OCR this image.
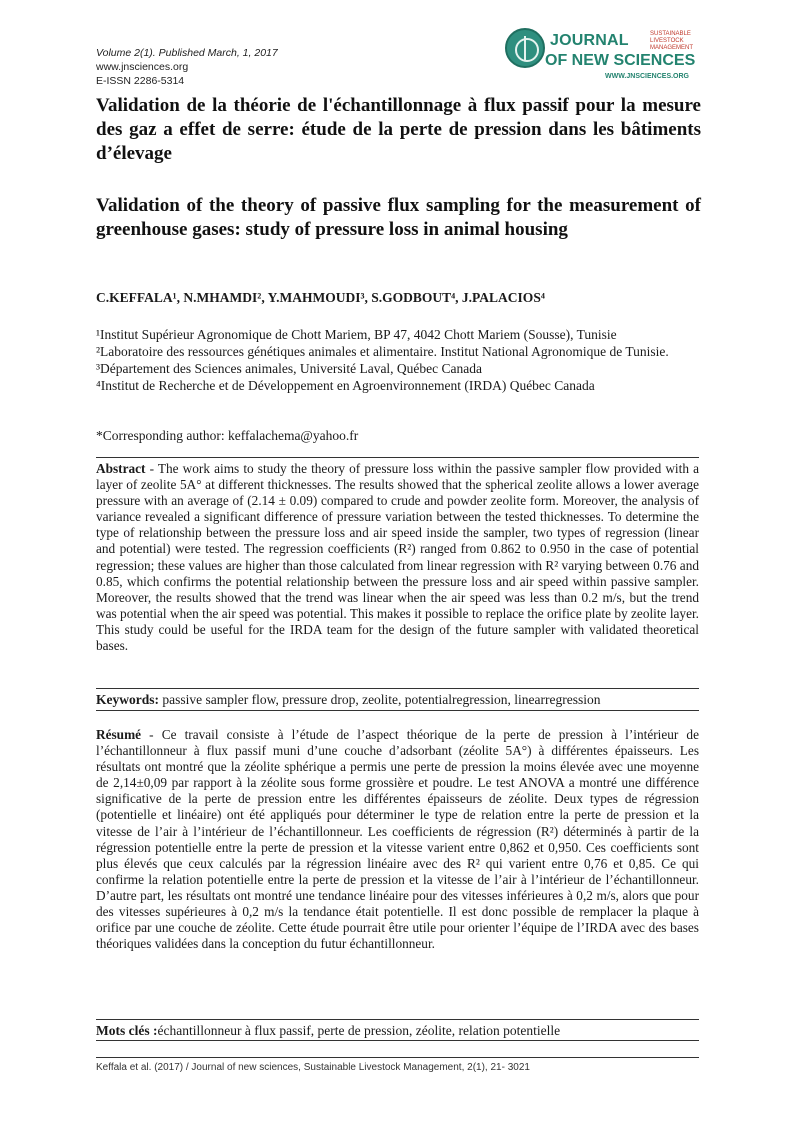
Volume 2(1). Published March, 1, 2017
www.jnsciences.org
E-ISSN 2286-5314
JOURNAL	SUSTAINABLE LIVESTOCK MANAGEMENT
OF NEW SCIENCES
WWW.JNSCIENCES.ORG
Validation de la théorie de l'échantillonnage à flux passif pour la mesure des gaz a effet de serre: étude de la perte de pression dans les bâtiments d’élevage
Validation of the theory of passive flux sampling for the measurement of greenhouse gases: study of pressure loss in animal housing
C.KEFFALA¹, N.MHAMDI², Y.MAHMOUDI³, S.GODBOUT⁴, J.PALACIOS⁴
¹Institut Supérieur Agronomique de Chott Mariem, BP 47, 4042 Chott Mariem (Sousse), Tunisie
²Laboratoire des ressources génétiques animales et alimentaire. Institut National Agronomique de Tunisie.
³Département des Sciences animales, Université Laval, Québec Canada
⁴Institut de Recherche et de Développement en Agroenvironnement (IRDA) Québec Canada
*Corresponding author: keffalachema@yahoo.fr
Abstract - The work aims to study the theory of pressure loss within the passive sampler flow provided with a layer of zeolite 5A° at different thicknesses. The results showed that the spherical zeolite allows a lower average pressure with an average of (2.14 ± 0.09) compared to crude and powder zeolite form. Moreover, the analysis of variance revealed a significant difference of pressure variation between the tested thicknesses. To determine the type of relationship between the pressure loss and air speed inside the sampler, two types of regression (linear and potential) were tested. The regression coefficients (R²) ranged from 0.862 to 0.950 in the case of potential regression; these values are higher than those calculated from linear regression with R² varying between 0.76 and 0.85, which confirms the potential relationship between the pressure loss and air speed within passive sampler. Moreover, the results showed that the trend was linear when the air speed was less than 0.2 m/s, but the trend was potential when the air speed was potential. This makes it possible to replace the orifice plate by zeolite layer. This study could be useful for the IRDA team for the design of the future sampler with validated theoretical bases.
Keywords: passive sampler flow, pressure drop, zeolite, potentialregression, linearregression
Résumé - Ce travail consiste à l’étude de l’aspect théorique de la perte de pression à l’intérieur de l’échantillonneur à flux passif muni d’une couche d’adsorbant (zéolite 5A°) à différentes épaisseurs. Les résultats ont montré que la zéolite sphérique a permis une perte de pression la moins élevée avec une moyenne de 2,14±0,09 par rapport à la zéolite sous forme grossière et poudre. Le test ANOVA a montré une différence significative de la perte de pression entre les différentes épaisseurs de zéolite. Deux types de régression (potentielle et linéaire) ont été appliqués pour déterminer le type de relation entre la perte de pression et la vitesse de l’air à l’intérieur de l’échantillonneur. Les coefficients de régression (R²) déterminés à partir de la régression potentielle entre la perte de pression et la vitesse varient entre 0,862 et 0,950. Ces coefficients sont plus élevés que ceux calculés par la régression linéaire avec des R² qui varient entre 0,76 et 0,85. Ce qui confirme la relation potentielle entre la perte de pression et la vitesse de l’air à l’intérieur de l’échantillonneur. D’autre part, les résultats ont montré une tendance linéaire pour des vitesses inférieures à 0,2 m/s, alors que pour des vitesses supérieures à 0,2 m/s la tendance était potentielle. Il est donc possible de remplacer la plaque à orifice par une couche de zéolite. Cette étude pourrait être utile pour orienter l’équipe de l’IRDA avec des bases théoriques validées dans la conception du futur échantillonneur.
Mots clés :échantillonneur à flux passif, perte de pression, zéolite, relation potentielle
Keffala et al. (2017) / Journal of new sciences, Sustainable Livestock Management, 2(1), 21- 3021
